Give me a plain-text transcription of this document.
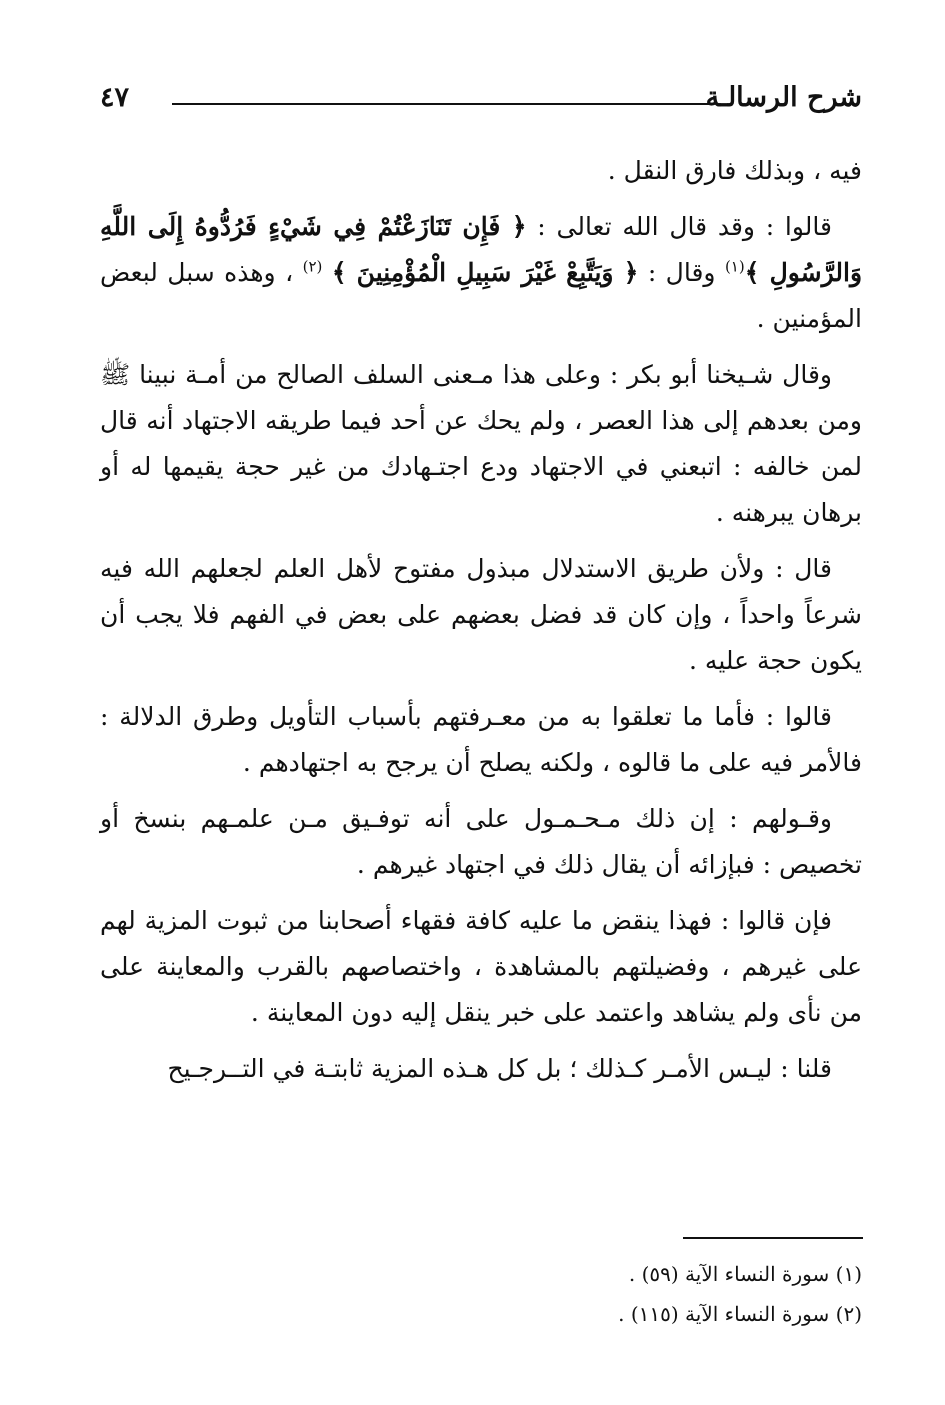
شرح الرسالـة
٤٧

فيه ، وبذلك فارق النقل .

قالوا : وقد قال الله تعالى : ﴿ فَإِن تَنَازَعْتُمْ فِي شَيْءٍ فَرُدُّوهُ إِلَى اللَّهِ وَالرَّسُولِ ﴾$^{(١)}$ وقال : ﴿ وَيَتَّبِعْ غَيْرَ سَبِيلِ الْمُؤْمِنِينَ ﴾ $^{(٢)}$ ، وهذه سبل لبعض المؤمنين .

وقال شـيخنا أبو بكر : وعلى هذا مـعنى السلف الصالح من أمـة نبينا ﷺ ومن بعدهم إلى هذا العصر ، ولم يحك عن أحد فيما طريقه الاجتهاد أنه قال لمن خالفه : اتبعني في الاجتهاد ودع اجتـهادك من غير حجة يقيمها له أو برهان يبرهنه .

قال : ولأن طريق الاستدلال مبذول مفتوح لأهل العلم لجعلهم الله فيه شرعاً واحداً ، وإن كان قد فضل بعضهم على بعض في الفهم فلا يجب أن يكون حجة عليه .

قالوا : فأما ما تعلقوا به من معـرفتهم بأسباب التأويل وطرق الدلالة : فالأمر فيه على ما قالوه ، ولكنه يصلح أن يرجح به اجتهادهم .

وقـولهم : إن ذلك مـحـمـول على أنه توفـيق مـن علمـهم بنسخ أو تخصيص : فبإزائه أن يقال ذلك في اجتهاد غيرهم .

فإن قالوا : فهذا ينقض ما عليه كافة فقهاء أصحابنا من ثبوت المزية لهم على غيرهم ، وفضيلتهم بالمشاهدة ، واختصاصهم بالقرب والمعاينة على من نأى ولم يشاهد واعتمد على خبر ينقل إليه دون المعاينة .

قلنا : ليـس الأمـر كـذلك ؛ بل كل هـذه المزية ثابتـة في التــرجـيح

(١) سورة النساء الآية (٥٩) .

(٢) سورة النساء الآية (١١٥) .
